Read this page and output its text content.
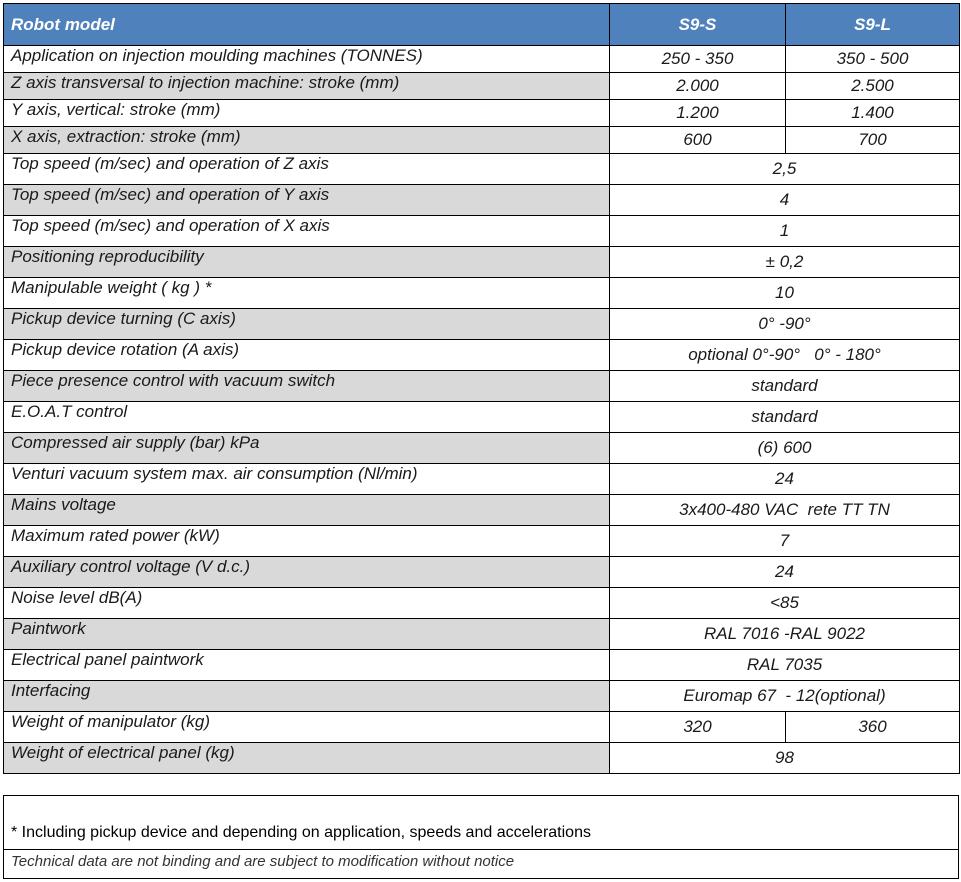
Robot model	S9-S	S9-L
Application on injection moulding machines (TONNES)	250 - 350	350 - 500
Z axis transversal to injection machine: stroke (mm)	2.000	2.500
Y axis, vertical: stroke (mm)	1.200	1.400
X axis, extraction: stroke (mm)	600	700
Top speed (m/sec) and operation of Z axis	2,5	
Top speed (m/sec) and operation of Y axis	4	
Top speed (m/sec) and operation of X axis	1	
Positioning reproducibility	± 0,2	
Manipulable weight ( kg ) *	10	
Pickup device turning (C axis)	0° -90°	
Pickup device rotation (A axis)	optional 0°-90°   0° - 180°	
Piece presence control with vacuum switch	standard	
E.O.A.T control	standard	
Compressed air supply (bar) kPa	(6) 600	
Venturi vacuum system max. air consumption (Nl/min)	24	
Mains voltage	3x400-480 VAC  rete TT TN	
Maximum rated power (kW)	7	
Auxiliary control voltage (V d.c.)	24	
Noise level dB(A)	<85	
Paintwork	RAL 7016 -RAL 9022	
Electrical panel paintwork	RAL 7035	
Interfacing	Euromap 67  - 12(optional)	
Weight of manipulator (kg)	320	360
Weight of electrical panel (kg)	98	
* Including pickup device and depending on application, speeds and accelerations
Technical data are not binding and are subject to modification without notice
